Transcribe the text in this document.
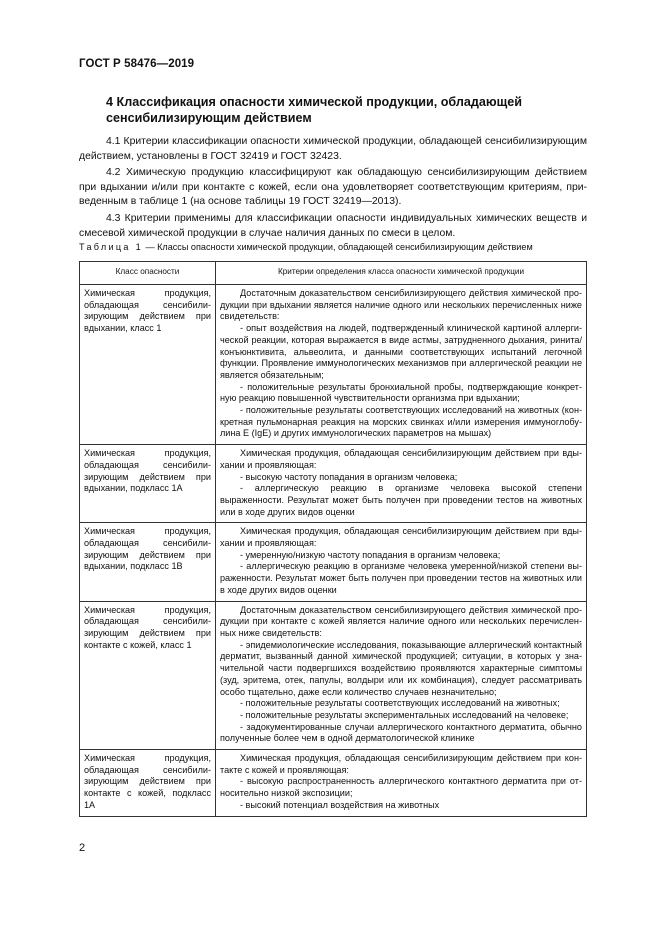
ГОСТ Р 58476—2019
4 Классификация опасности химической продукции, обладающей сенсибилизирующим действием

4.1 Критерии классификации опасности химической продукции, обладающей сенсибилизирующим действием, установлены в ГОСТ 32419 и ГОСТ 32423.

4.2 Химическую продукцию классифицируют как обладающую сенсибилизирующим действием при вдыхании и/или при контакте с кожей, если она удовлетворяет соответствующим критериям, приведенным в таблице 1 (на основе таблицы 19 ГОСТ 32419—2013).

4.3 Критерии применимы для классификации опасности индивидуальных химических веществ и смесевой химической продукции в случае наличия данных по смеси в целом.

Таблица 1 — Классы опасности химической продукции, обладающей сенсибилизирующим действием
Класс опасности	Критерии определения класса опасности химической продукции
Химическая продукция, обладающая сенсибилизирующим действием при вдыхании, класс 1	Достаточным доказательством сенсибилизирующего действия химической продукции при вдыхании является наличие одного или нескольких перечисленных ниже свидетельств:
- опыт воздействия на людей, подтвержденный клинической картиной аллергической реакции, которая выражается в виде астмы, затрудненного дыхания, ринита/конъюнктивита, альвеолита, и данными соответствующих испытаний легочной функции. Проявление иммунологических механизмов при аллергической реакции не является обязательным;
- положительные результаты бронхиальной пробы, подтверждающие конкретную реакцию повышенной чувствительности организма при вдыхании;
- положительные результаты соответствующих исследований на животных (конкретная пульмонарная реакция на морских свинках и/или измерения иммуноглобулина E (IgE) и других иммунологических параметров на мышах)

Химическая продукция, обладающая сенсибилизирующим действием при вдыхании, подкласс 1A	Химическая продукция, обладающая сенсибилизирующим действием при вдыхании и проявляющая:
- высокую частоту попадания в организм человека;
- аллергическую реакцию в организме человека высокой степени выраженности. Результат может быть получен при проведении тестов на животных или в ходе других видов оценки

Химическая продукция, обладающая сенсибилизирующим действием при вдыхании, подкласс 1B	Химическая продукция, обладающая сенсибилизирующим действием при вдыхании и проявляющая:
- умеренную/низкую частоту попадания в организм человека;
- аллергическую реакцию в организме человека умеренной/низкой степени выраженности. Результат может быть получен при проведении тестов на животных или в ходе других видов оценки

Химическая продукция, обладающая сенсибилизирующим действием при контакте с кожей, класс 1	Достаточным доказательством сенсибилизирующего действия химической продукции при контакте с кожей является наличие одного или нескольких перечисленных ниже свидетельств:
- эпидемиологические исследования, показывающие аллергический контактный дерматит, вызванный данной химической продукцией; ситуации, в которых у значительной части подвергшихся воздействию проявляются характерные симптомы (зуд, эритема, отек, папулы, волдыри или их комбинация), следует рассматривать особо тщательно, даже если количество случаев незначительно;
- положительные результаты соответствующих исследований на животных;
- положительные результаты экспериментальных исследований на человеке;
- задокументированные случаи аллергического контактного дерматита, обычно полученные более чем в одной дерматологической клинике

Химическая продукция, обладающая сенсибилизирующим действием при контакте с кожей, подкласс 1A	Химическая продукция, обладающая сенсибилизирующим действием при контакте с кожей и проявляющая:
- высокую распространенность аллергического контактного дерматита при относительно низкой экспозиции;
- высокий потенциал воздействия на животных
2
